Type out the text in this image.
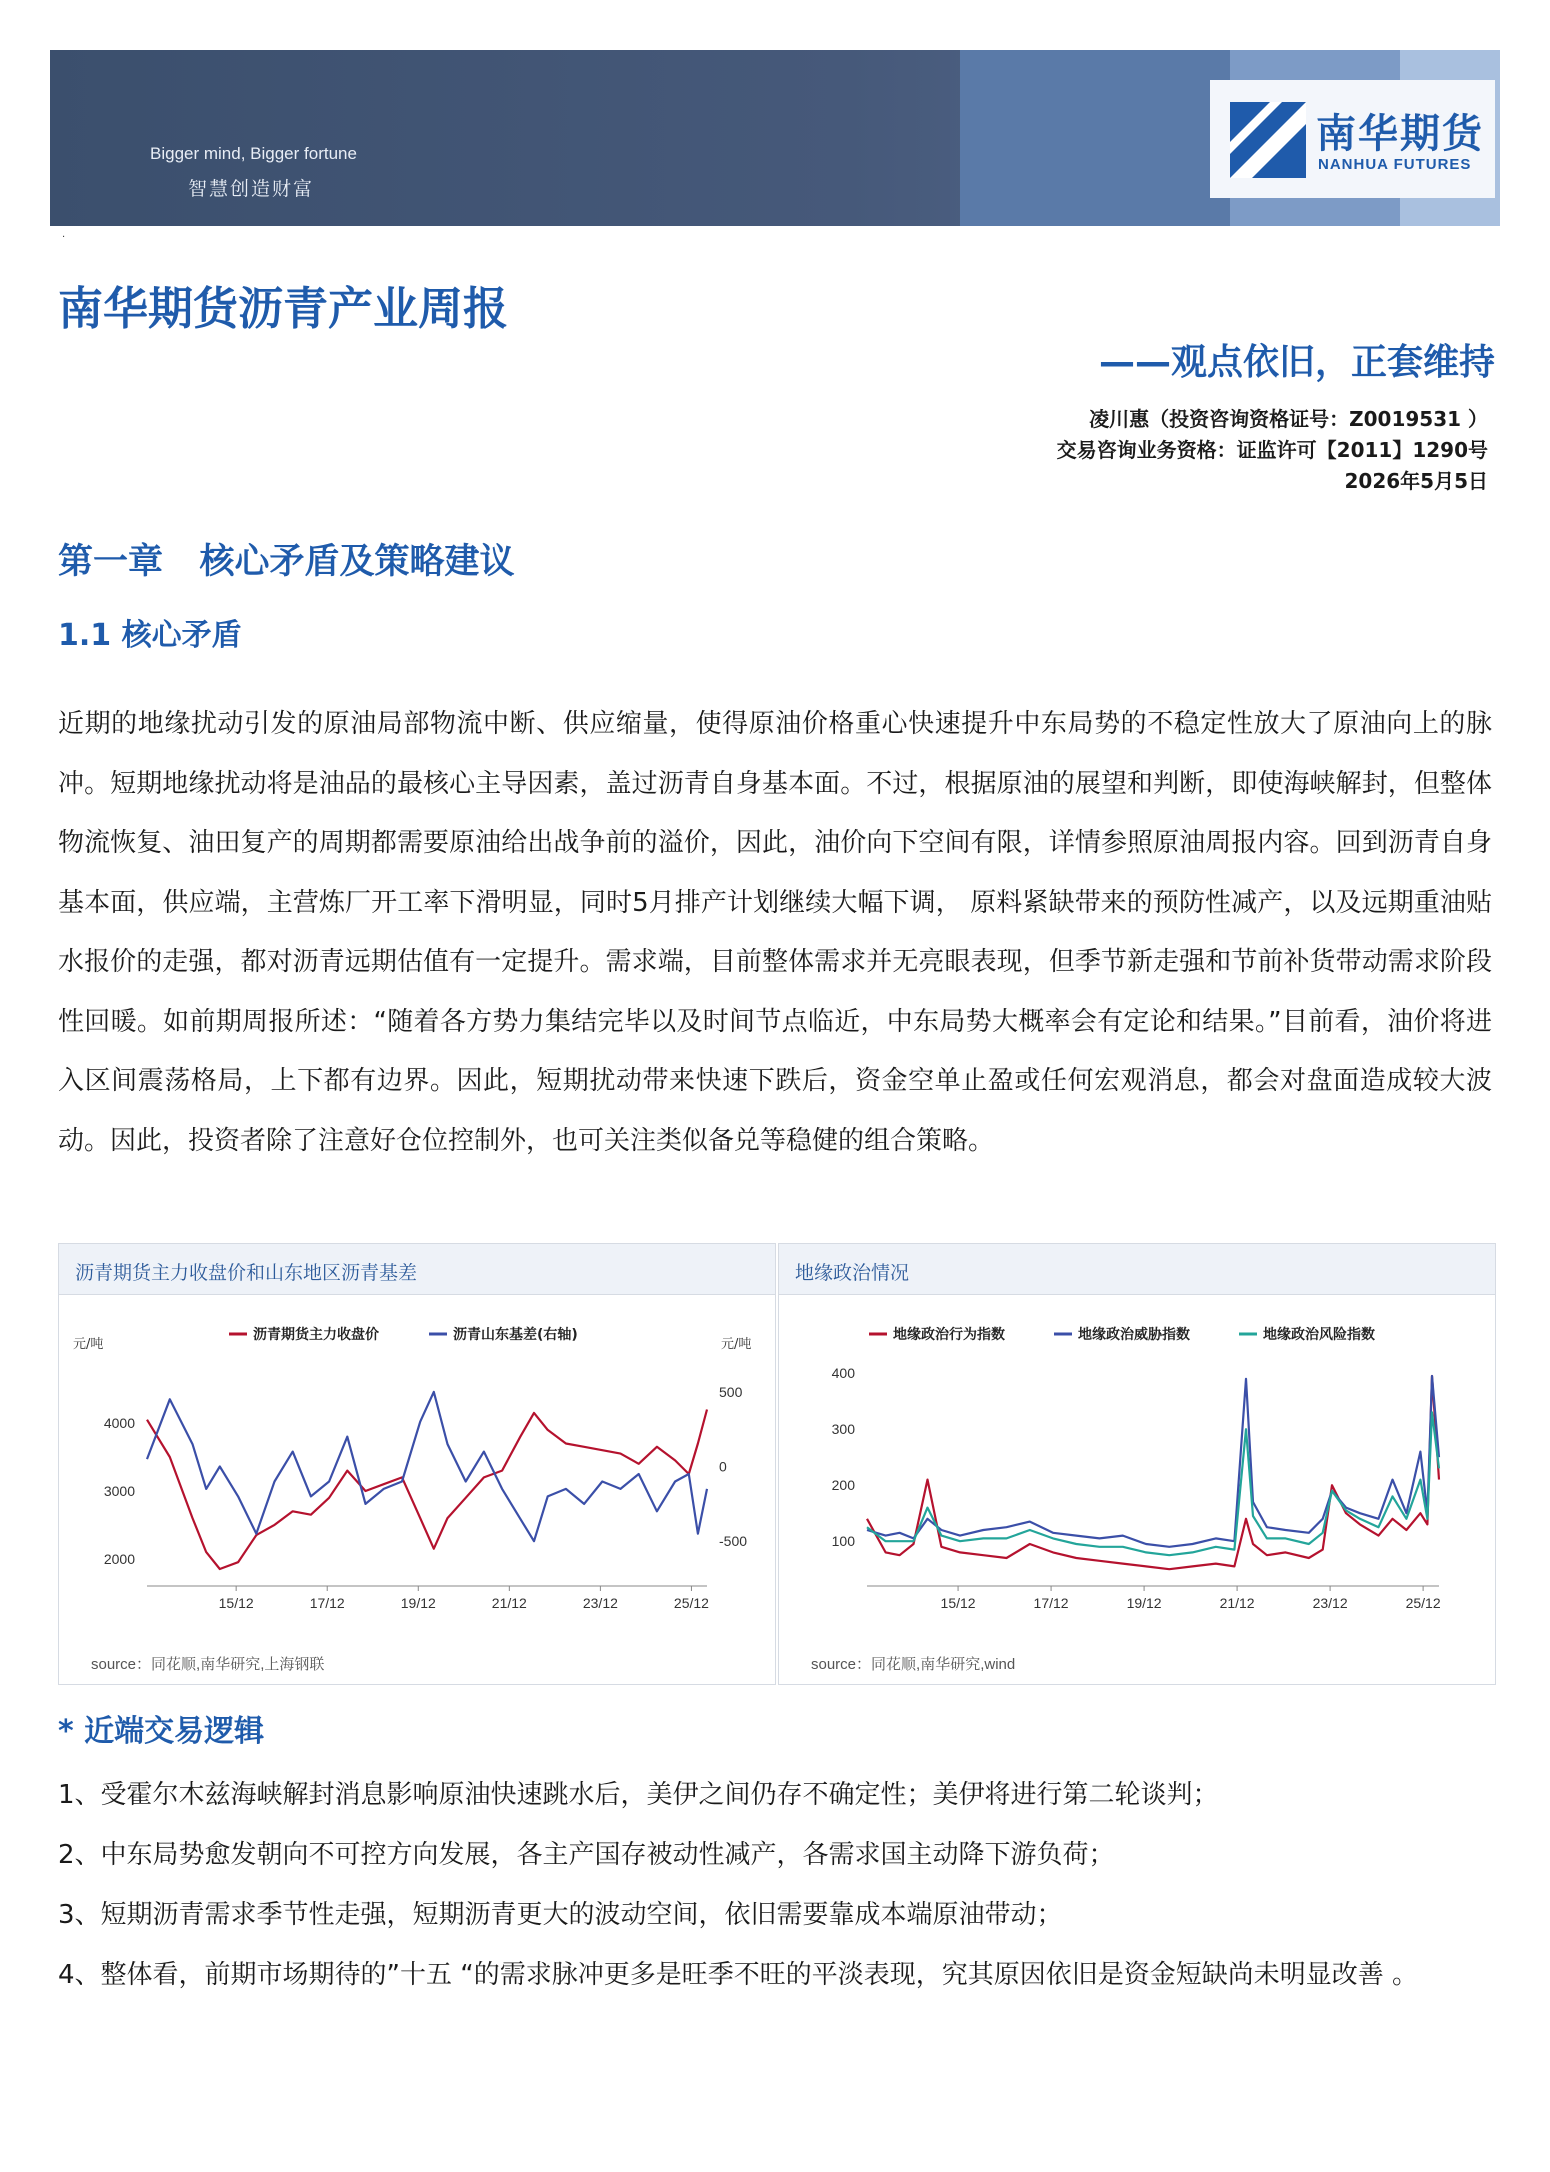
Bigger mind, Bigger fortune
智慧创造财富
南华期货
NANHUA FUTURES
·
南华期货沥青产业周报
——观点依旧，正套维持
凌川惠（投资咨询资格证号：Z0019531 ）
交易咨询业务资格：证监许可【2011】1290号
2026年5月5日
第一章   核心矛盾及策略建议
1.1 核心矛盾
近期的地缘扰动引发的原油局部物流中断、供应缩量，使得原油价格重心快速提升中东局势的不稳定性放大了原油向上的脉冲。短期地缘扰动将是油品的最核心主导因素，盖过沥青自身基本面。不过，根据原油的展望和判断，即使海峡解封，但整体物流恢复、油田复产的周期都需要原油给出战争前的溢价，因此，油价向下空间有限，详情参照原油周报内容。回到沥青自身基本面，供应端，主营炼厂开工率下滑明显，同时5月排产计划继续大幅下调， 原料紧缺带来的预防性减产，以及远期重油贴水报价的走强，都对沥青远期估值有一定提升。需求端，目前整体需求并无亮眼表现，但季节新走强和节前补货带动需求阶段性回暖。如前期周报所述：“随着各方势力集结完毕以及时间节点临近，中东局势大概率会有定论和结果。”目前看，油价将进入区间震荡格局，上下都有边界。因此，短期扰动带来快速下跌后，资金空单止盈或任何宏观消息，都会对盘面造成较大波动。因此，投资者除了注意好仓位控制外，也可关注类似备兑等稳健的组合策略。
沥青期货主力收盘价和山东地区沥青基差
15/12	17/12	19/12	21/12	23/12	25/12
2000
3000
4000
500
0
-500
元/吨	元/吨
沥青期货主力收盘价	沥青山东基差(右轴)
source：同花顺,南华研究,上海钢联
地缘政治情况
15/12	17/12	19/12	21/12	23/12	25/12
100
200
300
400
地缘政治行为指数	地缘政治威胁指数	地缘政治风险指数
source：同花顺,南华研究,wind
* 近端交易逻辑
1、受霍尔木兹海峡解封消息影响原油快速跳水后，美伊之间仍存不确定性；美伊将进行第二轮谈判；
2、中东局势愈发朝向不可控方向发展，各主产国存被动性减产，各需求国主动降下游负荷；
3、短期沥青需求季节性走强，短期沥青更大的波动空间，依旧需要靠成本端原油带动；
4、整体看，前期市场期待的”十五 “的需求脉冲更多是旺季不旺的平淡表现，究其原因依旧是资金短缺尚未明显改善 。
